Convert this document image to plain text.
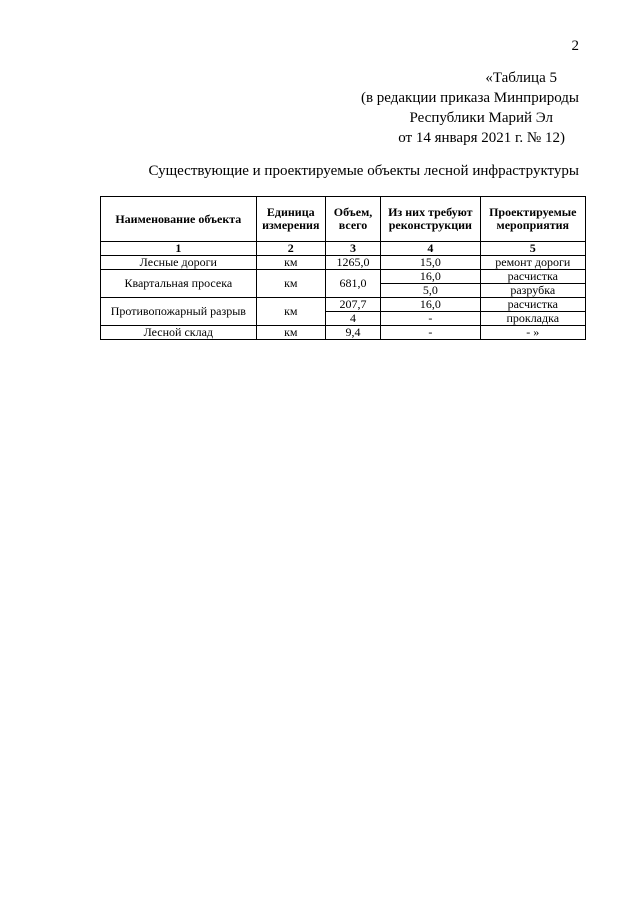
2
«Таблица 5
(в редакции приказа Минприроды
Республики Марий Эл
от 14 января 2021 г. № 12)
Существующие и проектируемые объекты лесной инфраструктуры
Наименование объекта	Единица измерения	Объем, всего	Из них требуют реконструкции	Проектируемые мероприятия
1	2	3	4	5
Лесные дороги	км	1265,0	15,0	ремонт дороги
Квартальная просека	км	681,0	16,0	расчистка
			5,0	разрубка
Противопожарный разрыв	км	207,7	16,0	расчистка
		4	-	прокладка
Лесной склад	км	9,4	-	- »
